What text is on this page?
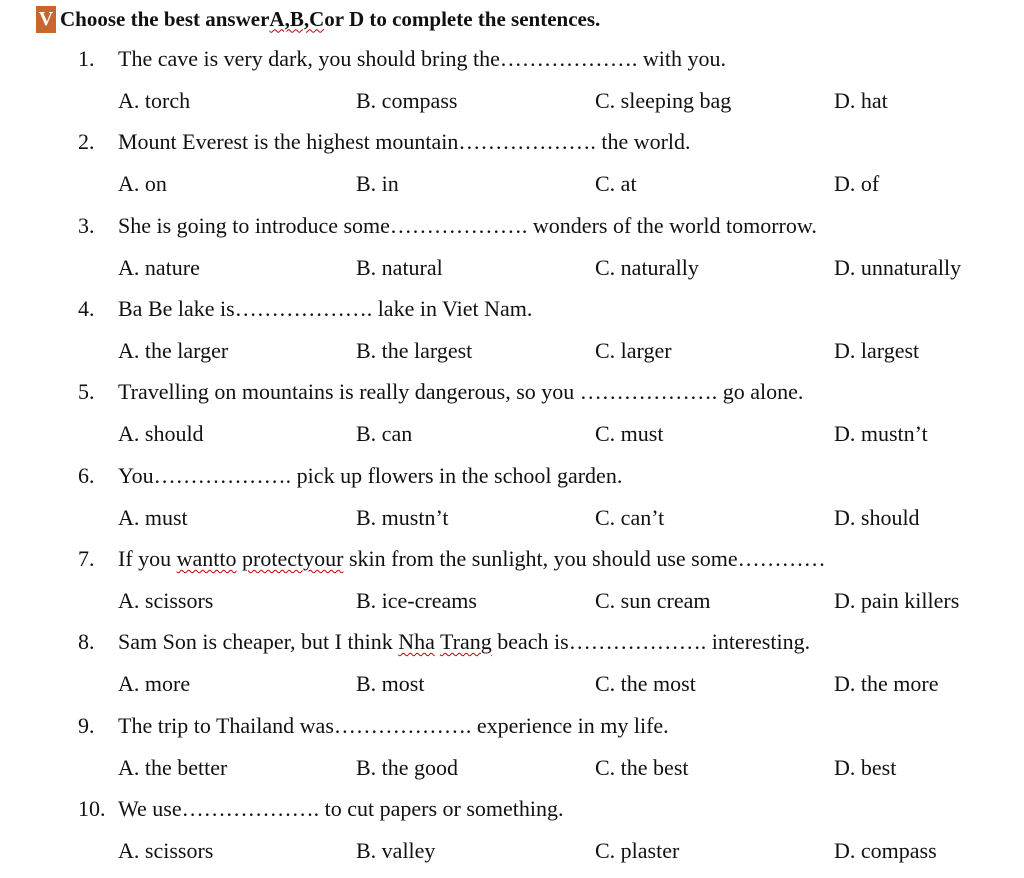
V Choose the best answer A,B,C or D to complete the sentences.
1.	The cave is very dark, you should bring the………………. with you.
A. torch	B. compass	C. sleeping bag	D. hat
2.	Mount Everest is the highest mountain………………. the world.
A. on	B. in	C. at	D. of
3.	She is going to introduce some………………. wonders of the world tomorrow.
A. nature	B. natural	C. naturally	D. unnaturally
4.	Ba Be lake is………………. lake in Viet Nam.
A. the larger	B. the largest	C. larger	D. largest
5.	Travelling on mountains is really dangerous, so you ………………. go alone.
A. should	B. can	C. must	D. mustn’t
6.	You………………. pick up flowers in the school garden.
A. must	B. mustn’t	C. can’t	D. should
7.	If you wantto protectyour skin from the sunlight, you should use some…………
A. scissors	B. ice-creams	C. sun cream	D. pain killers
8.	Sam Son is cheaper, but I think Nha Trang beach is………………. interesting.
A. more	B. most	C. the most	D. the more
9.	The trip to Thailand was………………. experience in my life.
A. the better	B. the good	C. the best	D. best
10. We use………………. to cut papers or something.
A. scissors	B. valley	C. plaster	D. compass
